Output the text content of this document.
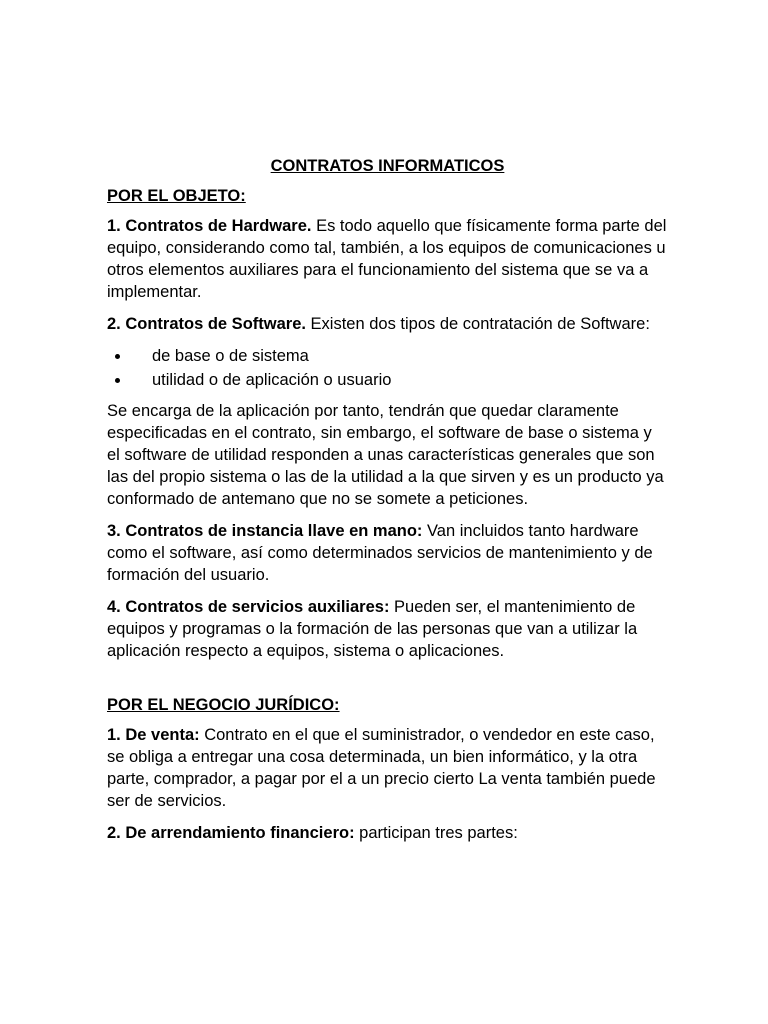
CONTRATOS INFORMATICOS

POR EL OBJETO:

1. Contratos de Hardware. Es todo aquello que físicamente forma parte del equipo, considerando como tal, también, a los equipos de comunicaciones u otros elementos auxiliares para el funcionamiento del sistema que se va a implementar.

2. Contratos de Software. Existen dos tipos de contratación de Software:

de base o de sistema
utilidad o de aplicación o usuario

Se encarga de la aplicación por tanto, tendrán que quedar claramente especificadas en el contrato, sin embargo, el software de base o sistema y el software de utilidad responden a unas características generales que son las del propio sistema o las de la utilidad a la que sirven y es un producto ya conformado de antemano que no se somete a peticiones.

3. Contratos de instancia llave en mano: Van incluidos tanto hardware como el software, así como determinados servicios de mantenimiento y de formación del usuario.

4. Contratos de servicios auxiliares: Pueden ser, el mantenimiento de equipos y programas o la formación de las personas que van a utilizar la aplicación respecto a equipos, sistema o aplicaciones.

POR EL NEGOCIO JURÍDICO:

1. De venta: Contrato en el que el suministrador, o vendedor en este caso, se obliga a entregar una cosa determinada, un bien informático, y la otra parte, comprador, a pagar por el a un precio cierto La venta también puede ser de servicios.

2. De arrendamiento financiero: participan tres partes:
